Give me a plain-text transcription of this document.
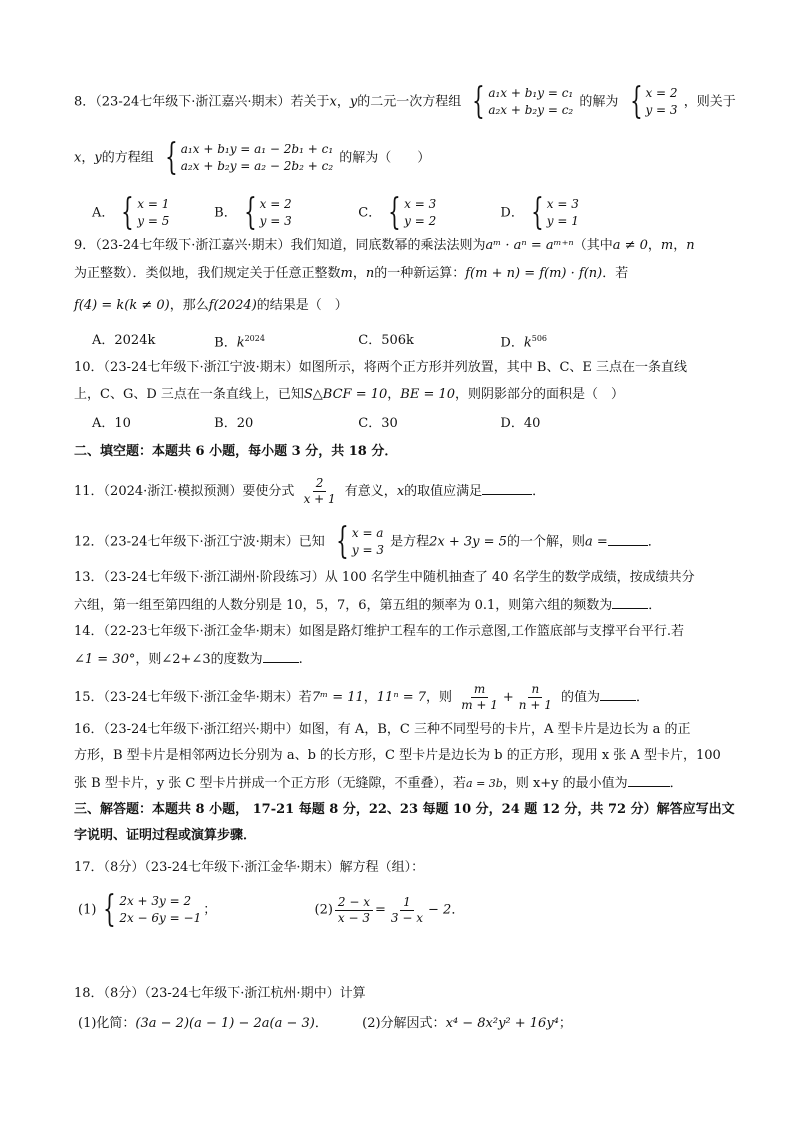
8．（23-24七年级下·浙江嘉兴·期末）若关于x，y的二元一次方程组 { a₁x + b₁y = c₁
a₂x + b₂y = c₂
的解为 { x = 2
y = 3
，则关于
x，y的方程组 { a₁x + b₁y = a₁ − 2b₁ + c₁
a₂x + b₂y = a₂ − 2b₂ + c₂
的解为（　　）
A． { x = 1
y = 5
B． { x = 2
y = 3
C． { x = 3
y = 2
D． { x = 3
y = 1
9．（23-24七年级下·浙江嘉兴·期末）我们知道，同底数幂的乘法法则为aᵐ · aⁿ = aᵐ⁺ⁿ（其中a ≠ 0，m，n
为正整数）．类似地，我们规定关于任意正整数m，n的一种新运算：f(m + n) = f(m) · f(n)．若
f(4) = k(k ≠ 0)，那么f(2024)的结果是（　）
A．2024k	B．$k^{2024}$	C．506k	D．$k^{506}$
10．（23-24七年级下·浙江宁波·期末）如图所示，将两个正方形并列放置，其中 B、C、E 三点在一条直线
上，C、G、D 三点在一条直线上，已知S△BCF = 10，BE = 10，则阴影部分的面积是（　）
A．10	B．20	C．30	D．40
二、填空题：本题共 6 小题，每小题 3 分，共 18 分．
11．（2024·浙江·模拟预测）要使分式 $\frac{2}{x + 1}$ 有意义，x的取值应满足	．
12．（23-24七年级下·浙江宁波·期末）已知 { x = a
y = 3
是方程2x + 3y = 5的一个解，则a =	．
13．（23-24七年级下·浙江湖州·阶段练习）从 100 名学生中随机抽查了 40 名学生的数学成绩，按成绩共分
六组，第一组至第四组的人数分别是 10，5，7，6，第五组的频率为 0.1，则第六组的频数为	．
14．（22-23七年级下·浙江金华·期末）如图是路灯维护工程车的工作示意图,工作篮底部与支撑平台平行.若
∠1 = 30°，则∠2+∠3的度数为	.
15．（23-24七年级下·浙江金华·期末）若7ᵐ = 11，11ⁿ = 7，则 $\frac{m}{m + 1} + \frac{n}{n + 1}$ 的值为	．
16．（23-24七年级下·浙江绍兴·期中）如图，有 A，B，C 三种不同型号的卡片，A 型卡片是边长为 a 的正
方形，B 型卡片是相邻两边长分别为 a、b 的长方形，C 型卡片是边长为 b 的正方形，现用 x 张 A 型卡片，100
张 B 型卡片，y 张 C 型卡片拼成一个正方形（无缝隙，不重叠），若a = 3b，则 x+y 的最小值为	．
三、解答题：本题共 8 小题， 17-21 每题 8 分，22、23 每题 10 分，24 题 12 分，共 72 分）解答应写出文
字说明、证明过程或演算步骤．
17．（8分）（23-24七年级下·浙江金华·期末）解方程（组）：
(1) { 2x + 3y = 2
2x − 6y = −1
；	$(2) \frac{2 - x}{x - 3} = \frac{1}{3 - x} - 2$．
18．（8分）（23-24七年级下·浙江杭州·期中）计算
(1)化简：(3a − 2)(a − 1) − 2a(a − 3)．	(2)分解因式：x⁴ − 8x²y² + 16y⁴；
